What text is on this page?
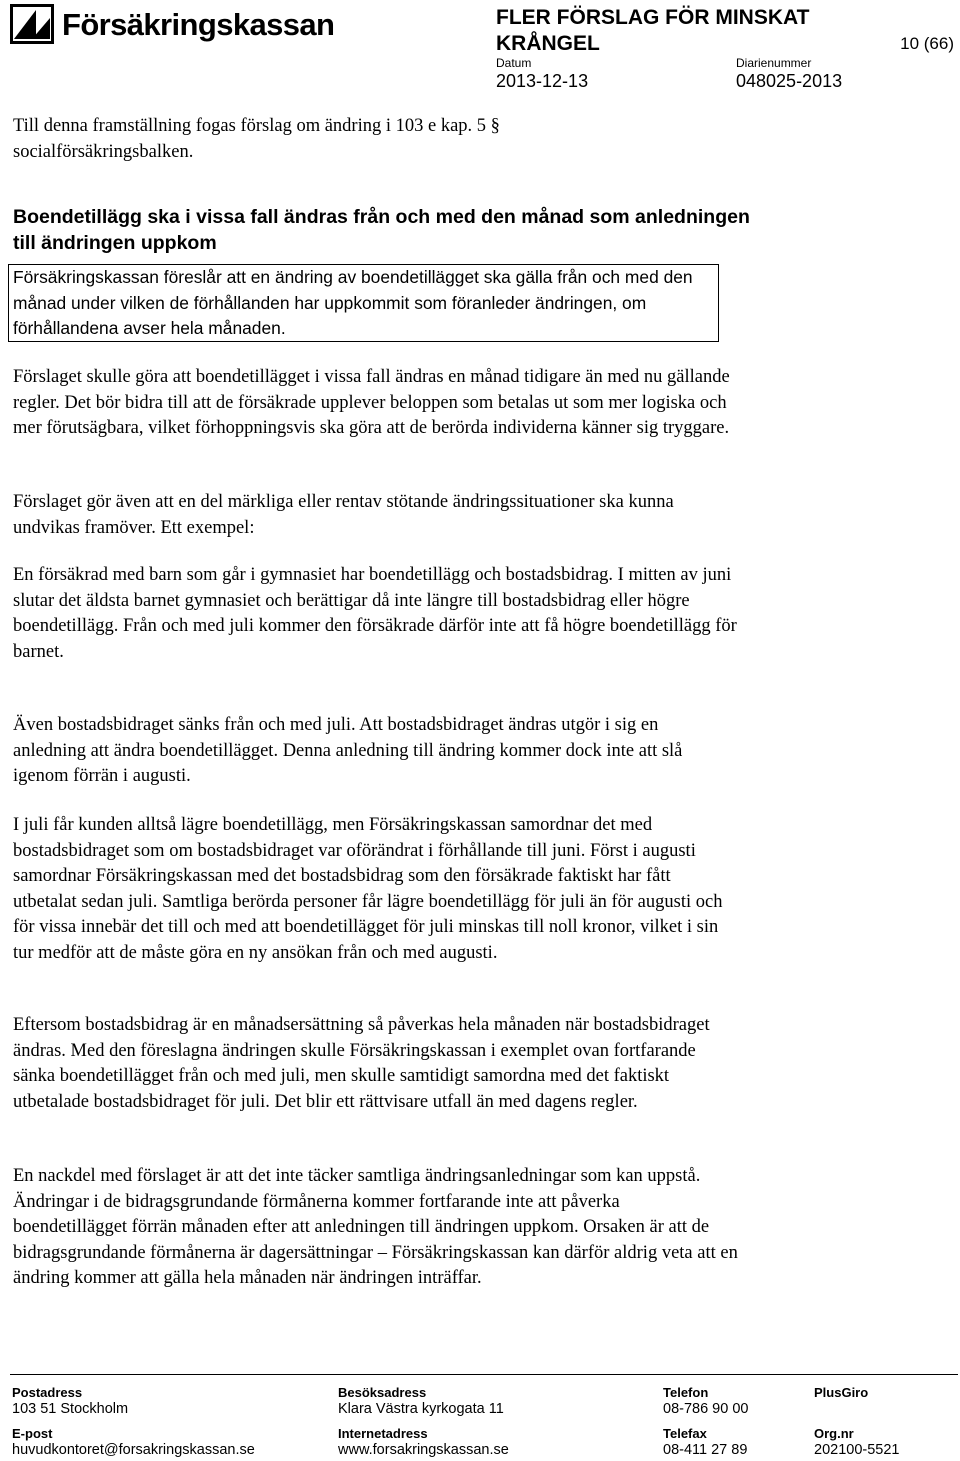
Försäkringskassan	FLER FÖRSLAG FÖR MINSKAT
KRÅNGEL	10 (66)
Datum
2013-12-13
Diarienummer
048025-2013

Till denna framställning fogas förslag om ändring i 103 e kap. 5 § socialförsäkringsbalken.

Boendetillägg ska i vissa fall ändras från och med den månad som anledningen till ändringen uppkom

Försäkringskassan föreslår att en ändring av boendetillägget ska gälla från och med den månad under vilken de förhållanden har uppkommit som föranleder ändringen, om förhållandena avser hela månaden.

Förslaget skulle göra att boendetillägget i vissa fall ändras en månad tidigare än med nu gällande regler. Det bör bidra till att de försäkrade upplever beloppen som betalas ut som mer logiska och mer förutsägbara, vilket förhoppningsvis ska göra att de berörda individerna känner sig tryggare.

Förslaget gör även att en del märkliga eller rentav stötande ändringssituationer ska kunna undvikas framöver. Ett exempel:

En försäkrad med barn som går i gymnasiet har boendetillägg och bostadsbidrag. I mitten av juni slutar det äldsta barnet gymnasiet och berättigar då inte längre till bostadsbidrag eller högre boendetillägg. Från och med juli kommer den försäkrade därför inte att få högre boendetillägg för barnet.

Även bostadsbidraget sänks från och med juli. Att bostadsbidraget ändras utgör i sig en anledning att ändra boendetillägget. Denna anledning till ändring kommer dock inte att slå igenom förrän i augusti.

I juli får kunden alltså lägre boendetillägg, men Försäkringskassan samordnar det med bostadsbidraget som om bostadsbidraget var oförändrat i förhållande till juni. Först i augusti samordnar Försäkringskassan med det bostadsbidrag som den försäkrade faktiskt har fått utbetalat sedan juli. Samtliga berörda personer får lägre boendetillägg för juli än för augusti och för vissa innebär det till och med att boendetillägget för juli minskas till noll kronor, vilket i sin tur medför att de måste göra en ny ansökan från och med augusti.

Eftersom bostadsbidrag är en månadsersättning så påverkas hela månaden när bostadsbidraget ändras. Med den föreslagna ändringen skulle Försäkringskassan i exemplet ovan fortfarande sänka boendetillägget från och med juli, men skulle samtidigt samordna med det faktiskt utbetalade bostadsbidraget för juli. Det blir ett rättvisare utfall än med dagens regler.

En nackdel med förslaget är att det inte täcker samtliga ändringsanledningar som kan uppstå. Ändringar i de bidragsgrundande förmånerna kommer fortfarande inte att påverka boendetillägget förrän månaden efter att anledningen till ändringen uppkom. Orsaken är att de bidragsgrundande förmånerna är dagersättningar – Försäkringskassan kan därför aldrig veta att en ändring kommer att gälla hela månaden när ändringen inträffar.

Postadress
103 51 Stockholm
Besöksadress
Klara Västra kyrkogata 11
Telefon
08-786 90 00
PlusGiro
E-post
huvudkontoret@forsakringskassan.se
Internetadress
www.forsakringskassan.se
Telefax
08-411 27 89
Org.nr
202100-5521
